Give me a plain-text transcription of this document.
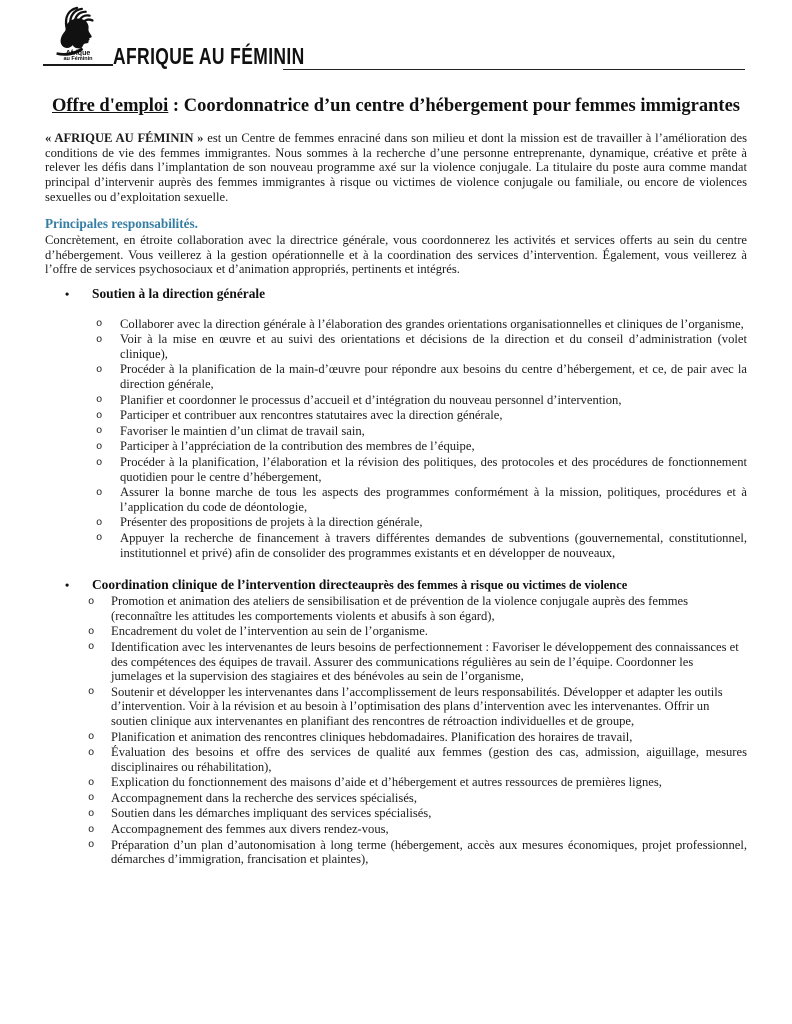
Afrique
au Féminin AFRIQUE AU FÉMININ
Offre d'emploi : Coordonnatrice d’un centre d’hébergement pour femmes immigrantes

« AFRIQUE AU FÉMININ » est un Centre de femmes enraciné dans son milieu et dont la mission est de travailler à l’amélioration des conditions de vie des femmes immigrantes. Nous sommes à la recherche d’une personne entreprenante, dynamique, créative et prête à relever les défis dans l’implantation de son nouveau programme axé sur la violence conjugale. La titulaire du poste aura comme mandat principal d’intervenir auprès des femmes immigrantes à risque ou victimes de violence conjugale ou familiale, ou encore de violences sexuelles ou d’exploitation sexuelle.

Principales responsabilités.

Concrètement, en étroite collaboration avec la directrice générale, vous coordonnerez les activités et services offerts au sein du centre d’hébergement. Vous veillerez à la gestion opérationnelle et à la coordination des services d’intervention. Également, vous veillerez à l’offre de services psychosociaux et d’animation appropriés, pertinents et intégrés.

•	Soutien à la direction générale
o	Collaborer avec la direction générale à l’élaboration des grandes orientations organisationnelles et cliniques de l’organisme,
o	Voir à la mise en œuvre et au suivi des orientations et décisions de la direction et du conseil d’administration (volet clinique),
o	Procéder à la planification de la main-d’œuvre pour répondre aux besoins du centre d’hébergement, et ce, de pair avec la direction générale,
o	Planifier et coordonner le processus d’accueil et d’intégration du nouveau personnel d’intervention,
o	Participer et contribuer aux rencontres statutaires avec la direction générale,
o	Favoriser le maintien d’un climat de travail sain,
o	Participer à l’appréciation de la contribution des membres de l’équipe,
o	Procéder à la planification, l’élaboration et la révision des politiques, des protocoles et des procédures de fonctionnement quotidien pour le centre d’hébergement,
o	Assurer la bonne marche de tous les aspects des programmes conformément à la mission, politiques, procédures et à l’application du code de déontologie,
o	Présenter des propositions de projets à la direction générale,
o	Appuyer la recherche de financement à travers différentes demandes de subventions (gouvernemental, constitutionnel, institutionnel et privé) afin de consolider des programmes existants et en développer de nouveaux,
•	Coordination clinique de l’intervention directe auprès des femmes à risque ou victimes de violence
o	Promotion et animation des ateliers de sensibilisation et de prévention de la violence conjugale auprès des femmes (reconnaître les attitudes les comportements violents et abusifs à son égard),
o	Encadrement du volet de l’intervention au sein de l’organisme.
o	Identification avec les intervenantes de leurs besoins de perfectionnement : Favoriser le développement des connaissances et des compétences des équipes de travail. Assurer des communications régulières au sein de l’équipe. Coordonner les jumelages et la supervision des stagiaires et des bénévoles au sein de l’organisme,
o	Soutenir et développer les intervenantes dans l’accomplissement de leurs responsabilités. Développer et adapter les outils d’intervention. Voir à la révision et au besoin à l’optimisation des plans d’intervention avec les intervenantes. Offrir un soutien clinique aux intervenantes en planifiant des rencontres de rétroaction individuelles et de groupe,
o	Planification et animation des rencontres cliniques hebdomadaires. Planification des horaires de travail,
o	Évaluation des besoins et offre des services de qualité aux femmes (gestion des cas, admission, aiguillage, mesures disciplinaires ou réhabilitation),
o	Explication du fonctionnement des maisons d’aide et d’hébergement et autres ressources de premières lignes,
o	Accompagnement dans la recherche des services spécialisés,
o	Soutien dans les démarches impliquant des services spécialisés,
o	Accompagnement des femmes aux divers rendez-vous,
o	Préparation d’un plan d’autonomisation à long terme (hébergement, accès aux mesures économiques, projet professionnel, démarches d’immigration, francisation et plaintes),
